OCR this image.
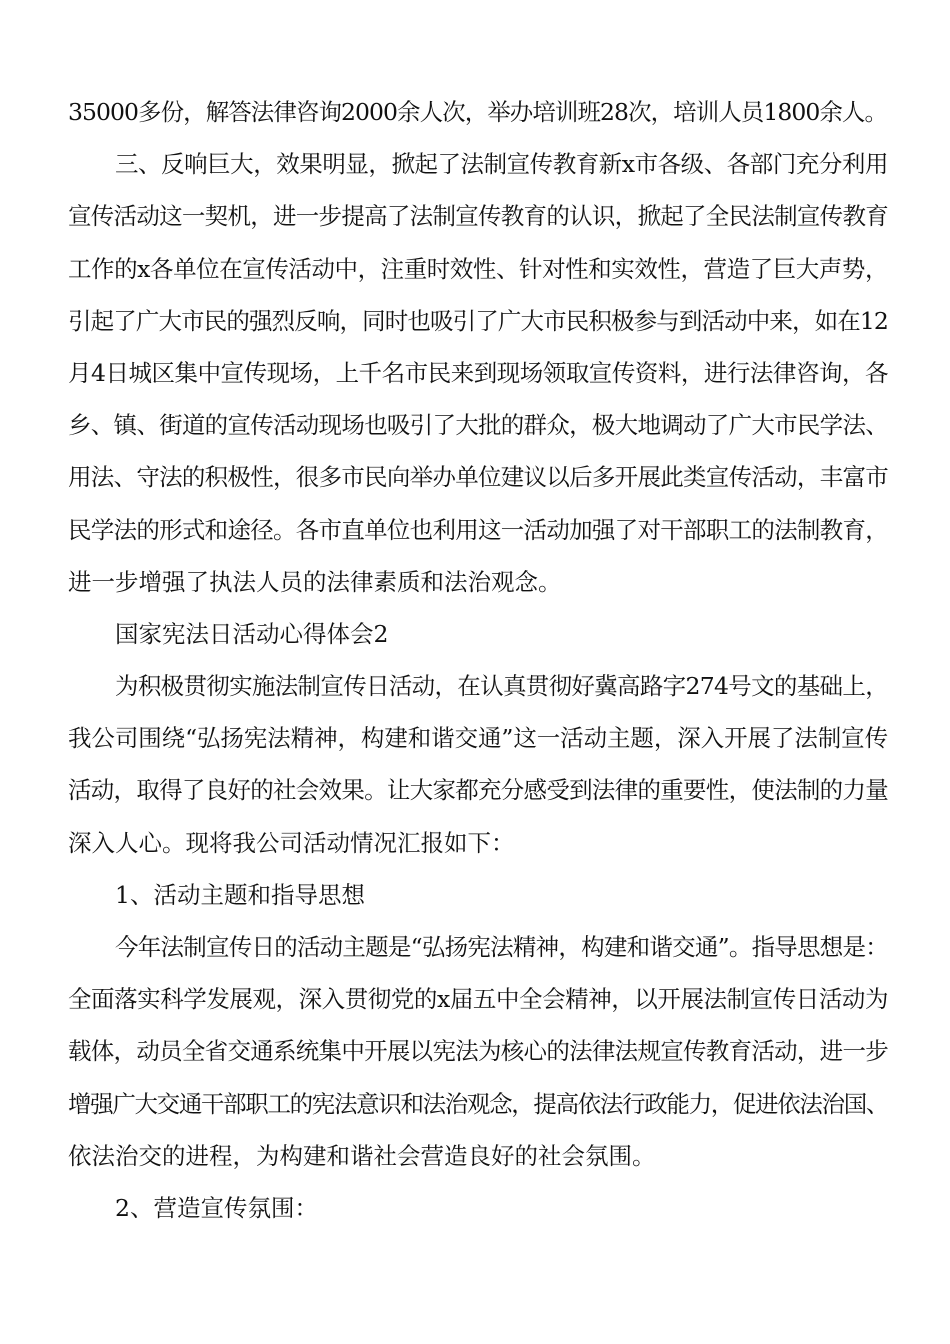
35000多份，解答法律咨询2000余人次，举办培训班28次，培训人员1800余人。
三、反响巨大，效果明显，掀起了法制宣传教育新x市各级、各部门充分利用
宣传活动这一契机，进一步提高了法制宣传教育的认识，掀起了全民法制宣传教育
工作的x各单位在宣传活动中，注重时效性、针对性和实效性，营造了巨大声势，
引起了广大市民的强烈反响，同时也吸引了广大市民积极参与到活动中来，如在12
月4日城区集中宣传现场，上千名市民来到现场领取宣传资料，进行法律咨询，各
乡、镇、街道的宣传活动现场也吸引了大批的群众，极大地调动了广大市民学法、
用法、守法的积极性，很多市民向举办单位建议以后多开展此类宣传活动，丰富市
民学法的形式和途径。各市直单位也利用这一活动加强了对干部职工的法制教育，
进一步增强了执法人员的法律素质和法治观念。
国家宪法日活动心得体会2
为积极贯彻实施法制宣传日活动，在认真贯彻好冀高路字274号文的基础上，
我公司围绕“弘扬宪法精神，构建和谐交通”这一活动主题，深入开展了法制宣传
活动，取得了良好的社会效果。让大家都充分感受到法律的重要性，使法制的力量
深入人心。现将我公司活动情况汇报如下：
1、活动主题和指导思想
今年法制宣传日的活动主题是“弘扬宪法精神，构建和谐交通”。指导思想是：
全面落实科学发展观，深入贯彻党的x届五中全会精神，以开展法制宣传日活动为
载体，动员全省交通系统集中开展以宪法为核心的法律法规宣传教育活动，进一步
增强广大交通干部职工的宪法意识和法治观念，提高依法行政能力，促进依法治国、
依法治交的进程，为构建和谐社会营造良好的社会氛围。
2、营造宣传氛围：
